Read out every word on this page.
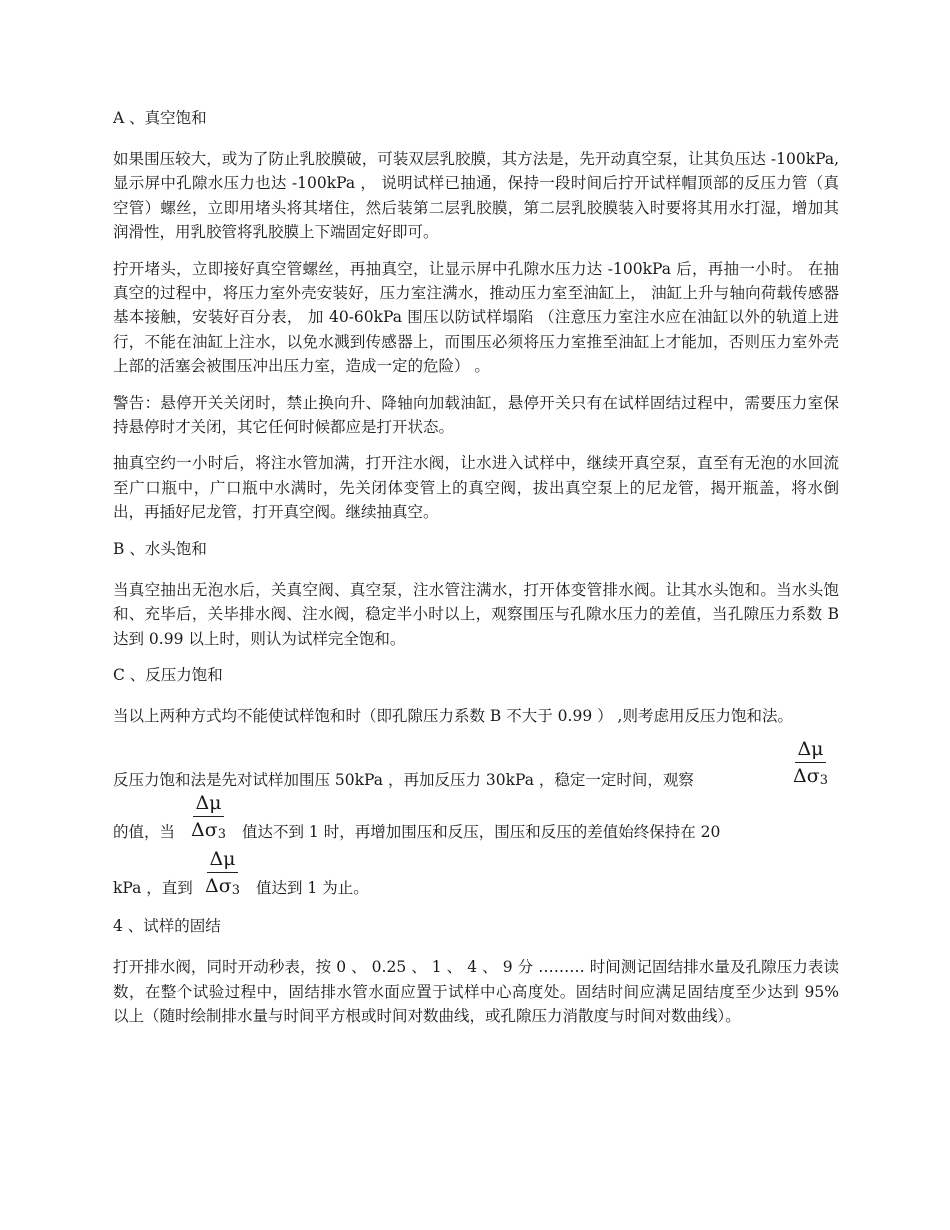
A 、真空饱和

如果围压较大，或为了防止乳胶膜破，可装双层乳胶膜，其方法是，先开动真空泵，让其负压达 -100kPa, 显示屏中孔隙水压力也达 -100kPa ， 说明试样已抽通，保持一段时间后拧开试样帽顶部的反压力管（真空管）螺丝，立即用堵头将其堵住，然后装第二层乳胶膜，第二层乳胶膜装入时要将其用水打湿，增加其润滑性，用乳胶管将乳胶膜上下端固定好即可。

拧开堵头，立即接好真空管螺丝，再抽真空，让显示屏中孔隙水压力达 -100kPa 后，再抽一小时。 在抽真空的过程中，将压力室外壳安装好，压力室注满水，推动压力室至油缸上， 油缸上升与轴向荷载传感器基本接触，安装好百分表， 加 40-60kPa 围压以防试样塌陷 （注意压力室注水应在油缸以外的轨道上进行，不能在油缸上注水，以免水溅到传感器上，而围压必须将压力室推至油缸上才能加，否则压力室外壳上部的活塞会被围压冲出压力室，造成一定的危险） 。

警告：悬停开关关闭时，禁止换向升、降轴向加载油缸，悬停开关只有在试样固结过程中，需要压力室保持悬停时才关闭，其它任何时候都应是打开状态。

抽真空约一小时后，将注水管加满，打开注水阀，让水进入试样中，继续开真空泵，直至有无泡的水回流至广口瓶中，广口瓶中水满时，先关闭体变管上的真空阀，拔出真空泵上的尼龙管，揭开瓶盖，将水倒出，再插好尼龙管，打开真空阀。继续抽真空。

B 、水头饱和

当真空抽出无泡水后，关真空阀、真空泵，注水管注满水，打开体变管排水阀。让其水头饱和。当水头饱和、充毕后，关毕排水阀、注水阀，稳定半小时以上，观察围压与孔隙水压力的差值，当孔隙压力系数 B 达到 0.99 以上时，则认为试样完全饱和。

C 、反压力饱和

当以上两种方式均不能使试样饱和时（即孔隙压力系数 B 不大于 0.99 ） ,则考虑用反压力饱和法。

反压力饱和法是先对试样加围压 50kPa ，再加反压力 30kPa ，稳定一定时间，观察
Δμ
$\Delta\sigma_3$
的值，当
Δμ
$\Delta\sigma_3$ 值达不到 1 时，再增加围压和反压，围压和反压的差值始终保持在 20
kPa ，直到
Δμ
$\Delta\sigma_3$ 值达到 1 为止。
4 、试样的固结

打开排水阀，同时开动秒表，按 0 、 0.25 、 1 、 4 、 9 分 ……… 时间测记固结排水量及孔隙压力表读数，在整个试验过程中，固结排水管水面应置于试样中心高度处。固结时间应满足固结度至少达到 95% 以上（随时绘制排水量与时间平方根或时间对数曲线，或孔隙压力消散度与时间对数曲线）。
